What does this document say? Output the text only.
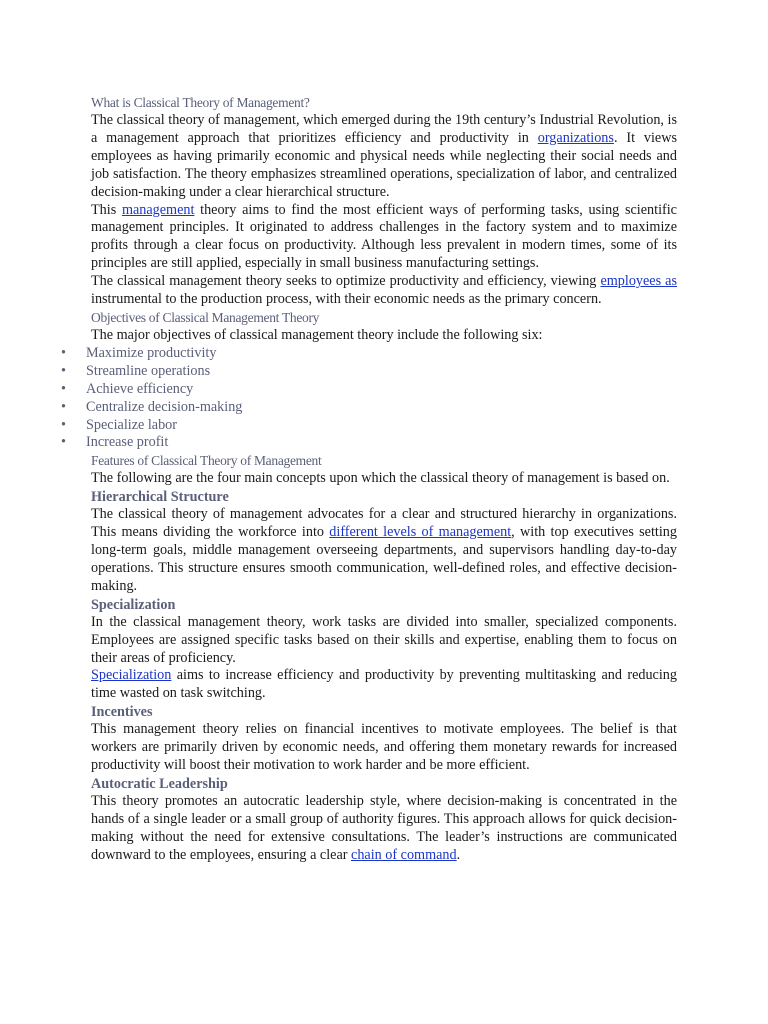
What is Classical Theory of Management?

The classical theory of management, which emerged during the 19th century’s Industrial Revolution, is a management approach that prioritizes efficiency and productivity in organizations. It views employees as having primarily economic and physical needs while neglecting their social needs and job satisfaction. The theory emphasizes streamlined operations, specialization of labor, and centralized decision-making under a clear hierarchical structure.

This management theory aims to find the most efficient ways of performing tasks, using scientific management principles. It originated to address challenges in the factory system and to maximize profits through a clear focus on productivity. Although less prevalent in modern times, some of its principles are still applied, especially in small business manufacturing settings.

The classical management theory seeks to optimize productivity and efficiency, viewing employees as instrumental to the production process, with their economic needs as the primary concern.

Objectives of Classical Management Theory

The major objectives of classical management theory include the following six:

•	Maximize productivity
•	Streamline operations
•	Achieve efficiency
•	Centralize decision-making
•	Specialize labor
•	Increase profit

Features of Classical Theory of Management

The following are the four main concepts upon which the classical theory of management is based on.

Hierarchical Structure

The classical theory of management advocates for a clear and structured hierarchy in organizations. This means dividing the workforce into different levels of management, with top executives setting long-term goals, middle management overseeing departments, and supervisors handling day-to-day operations. This structure ensures smooth communication, well-defined roles, and effective decision-making.

Specialization

In the classical management theory, work tasks are divided into smaller, specialized components. Employees are assigned specific tasks based on their skills and expertise, enabling them to focus on their areas of proficiency.

Specialization aims to increase efficiency and productivity by preventing multitasking and reducing time wasted on task switching.

Incentives

This management theory relies on financial incentives to motivate employees. The belief is that workers are primarily driven by economic needs, and offering them monetary rewards for increased productivity will boost their motivation to work harder and be more efficient.

Autocratic Leadership

This theory promotes an autocratic leadership style, where decision-making is concentrated in the hands of a single leader or a small group of authority figures. This approach allows for quick decision-making without the need for extensive consultations. The leader’s instructions are communicated downward to the employees, ensuring a clear chain of command.
